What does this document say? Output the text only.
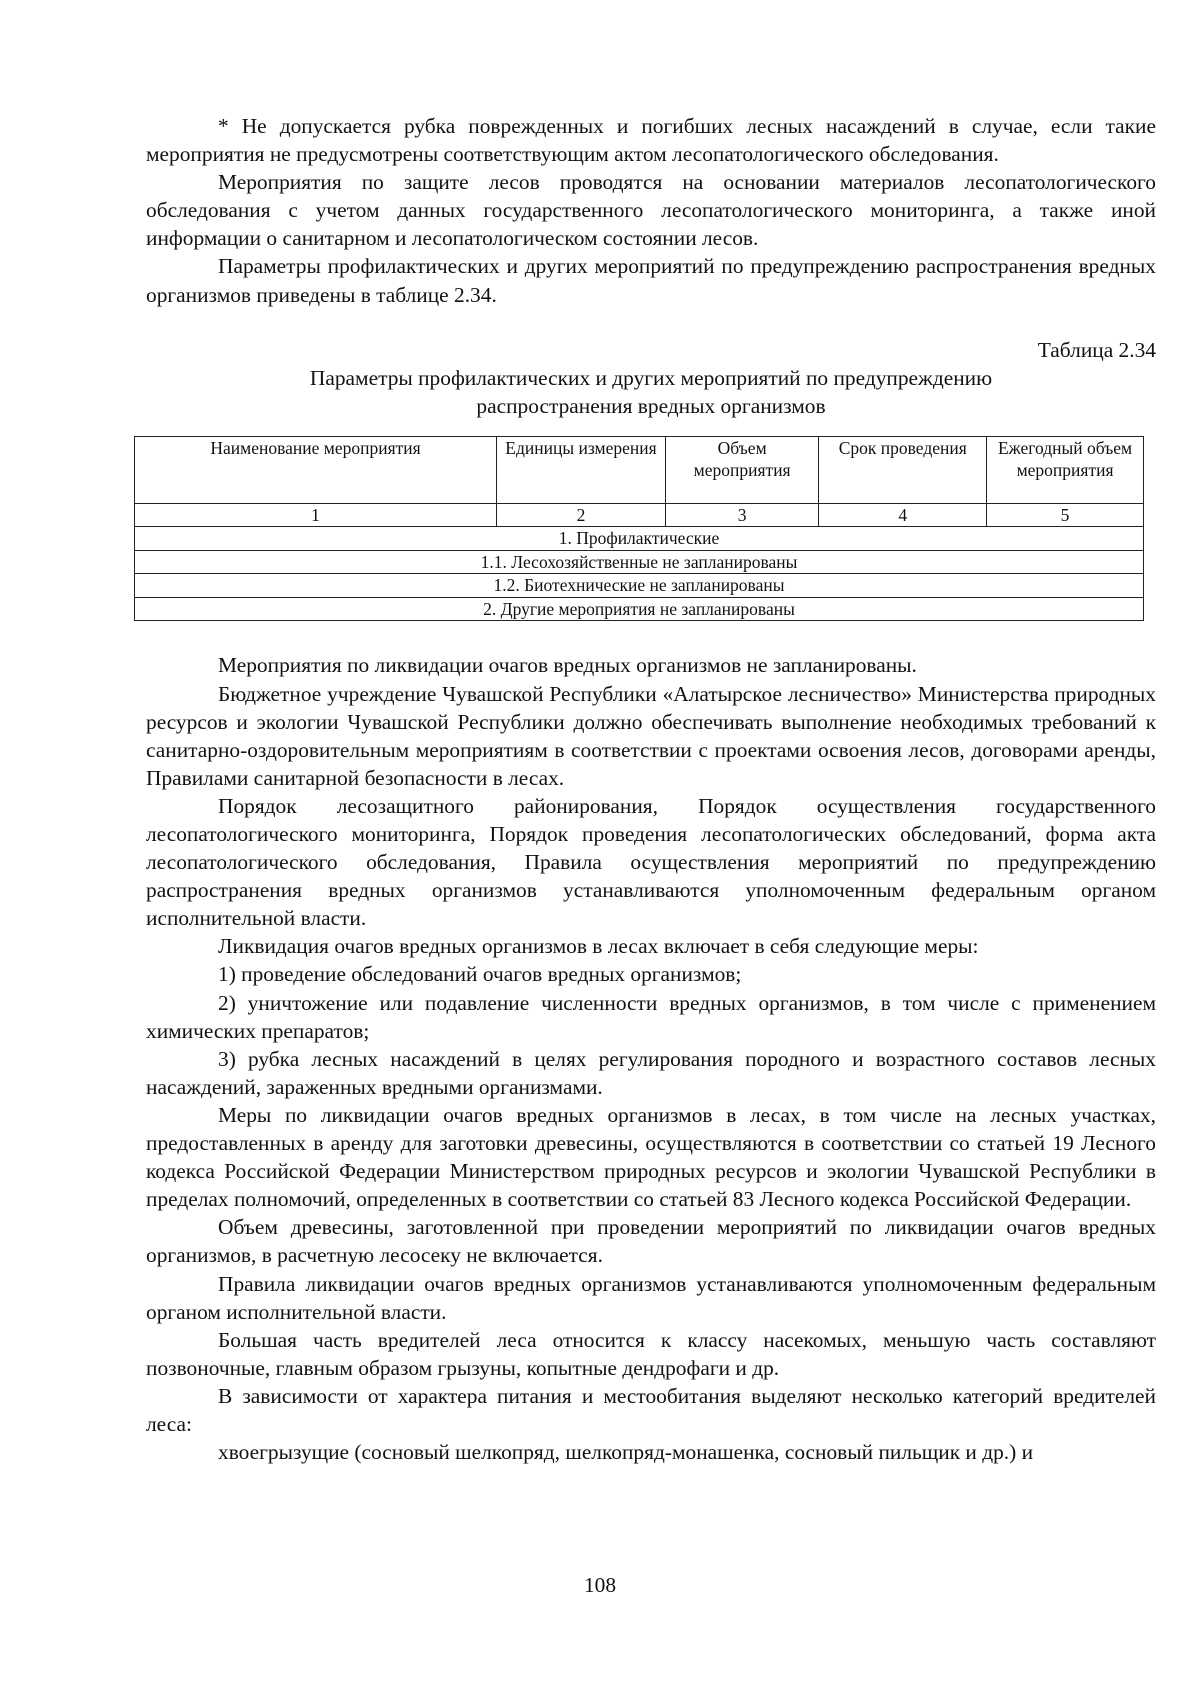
* Не допускается рубка поврежденных и погибших лесных насаждений в случае, если такие мероприятия не предусмотрены соответствующим актом лесопатологического обследования.

Мероприятия по защите лесов проводятся на основании материалов лесопатологического обследования с учетом данных государственного лесопатологического мониторинга, а также иной информации о санитарном и лесопатологическом состоянии лесов.

Параметры профилактических и других мероприятий по предупреждению распространения вредных организмов приведены в таблице 2.34.

Таблица 2.34
Параметры профилактических и других мероприятий по предупреждению
распространения вредных организмов
Наименование мероприятия	Единицы измерения	Объем мероприятия	Срок проведения	Ежегодный объем мероприятия
1	2	3	4	5
1. Профилактические				
1.1. Лесохозяйственные не запланированы				
1.2. Биотехнические не запланированы				
2. Другие мероприятия не запланированы				

Мероприятия по ликвидации очагов вредных организмов не запланированы.

Бюджетное учреждение Чувашской Республики «Алатырское лесничество» Министерства природных ресурсов и экологии Чувашской Республики должно обеспечивать выполнение необходимых требований к санитарно-оздоровительным мероприятиям в соответствии с проектами освоения лесов, договорами аренды, Правилами санитарной безопасности в лесах.

Порядок лесозащитного районирования, Порядок осуществления государственного лесопатологического мониторинга, Порядок проведения лесопатологических обследований, форма акта лесопатологического обследования, Правила осуществления мероприятий по предупреждению распространения вредных организмов устанавливаются уполномоченным федеральным органом исполнительной власти.

Ликвидация очагов вредных организмов в лесах включает в себя следующие меры:

1) проведение обследований очагов вредных организмов;

2) уничтожение или подавление численности вредных организмов, в том числе с применением химических препаратов;

3) рубка лесных насаждений в целях регулирования породного и возрастного составов лесных насаждений, зараженных вредными организмами.

Меры по ликвидации очагов вредных организмов в лесах, в том числе на лесных участках, предоставленных в аренду для заготовки древесины, осуществляются в соответствии со статьей 19 Лесного кодекса Российской Федерации Министерством природных ресурсов и экологии Чувашской Республики в пределах полномочий, определенных в соответствии со статьей 83 Лесного кодекса Российской Федерации.

Объем древесины, заготовленной при проведении мероприятий по ликвидации очагов вредных организмов, в расчетную лесосеку не включается.

Правила ликвидации очагов вредных организмов устанавливаются уполномоченным федеральным органом исполнительной власти.

Большая часть вредителей леса относится к классу насекомых, меньшую часть составляют позвоночные, главным образом грызуны, копытные дендрофаги и др.

В зависимости от характера питания и местообитания выделяют несколько категорий вредителей леса:

хвоегрызущие (сосновый шелкопряд, шелкопряд-монашенка, сосновый пильщик и др.) и

108
